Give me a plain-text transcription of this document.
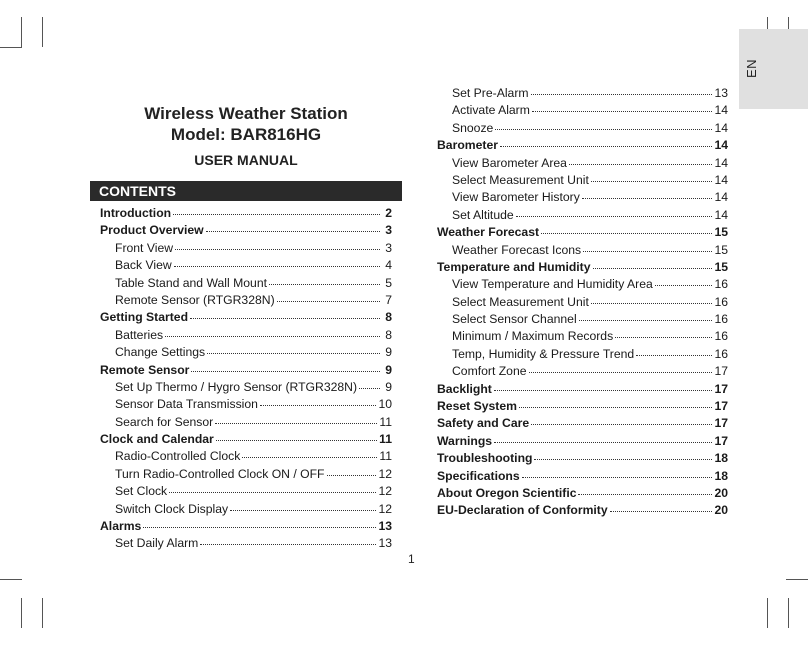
EN
Wireless Weather Station
Model: BAR816HG
USER MANUAL
CONTENTS
Introduction	2
Product Overview	3
Front View	3
Back View	4
Table Stand and Wall Mount	5
Remote Sensor (RTGR328N)	7
Getting Started	8
Batteries	8
Change Settings	9
Remote Sensor	9
Set Up Thermo / Hygro Sensor (RTGR328N) 9
Sensor Data Transmission	10
Search for Sensor	11
Clock and Calendar	11
Radio-Controlled Clock	11
Turn Radio-Controlled Clock ON / OFF	12
Set Clock	12
Switch Clock Display	12
Alarms	13
Set Daily Alarm	13
Set Pre-Alarm	13
Activate Alarm	14
Snooze	14
Barometer	14
View Barometer Area	14
Select Measurement Unit	14
View Barometer History	14
Set Altitude	14
Weather Forecast	15
Weather Forecast Icons	15
Temperature and Humidity	15
View Temperature and Humidity Area	16
Select Measurement Unit	16
Select Sensor Channel	16
Minimum / Maximum Records	16
Temp, Humidity & Pressure Trend	16
Comfort Zone	17
Backlight	17
Reset System	17
Safety and Care	17
Warnings	17
Troubleshooting	18
Specifications	18
About Oregon Scientific	20
EU-Declaration of Conformity	20
1
